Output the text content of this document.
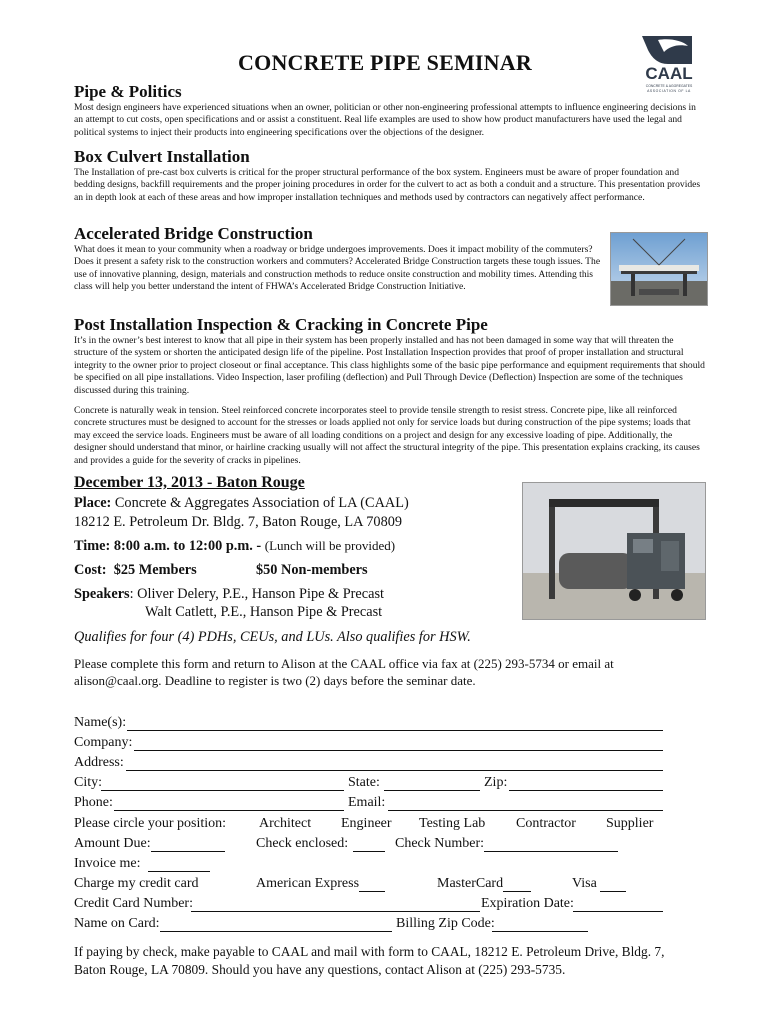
CONCRETE PIPE SEMINAR	CAAL
CONCRETE & AGGREGATES
ASSOCIATION OF LA
Pipe & Politics
Most design engineers have experienced situations when an owner, politician or other non-engineering professional attempts to influence engineering decisions in an attempt to cut costs, open specifications and or assist a constituent. Real life examples are used to show how product manufacturers have used the legal and political systems to inject their products into engineering specifications over the objections of the designer.
Box Culvert Installation
The Installation of pre-cast box culverts is critical for the proper structural performance of the box system. Engineers must be aware of proper foundation and bedding designs, backfill requirements and the proper joining procedures in order for the culvert to act as both a conduit and a structure. This presentation provides an in depth look at each of these areas and how improper installation techniques and methods used by contractors can negatively affect performance.
Accelerated Bridge Construction
What does it mean to your community when a roadway or bridge undergoes improvements. Does it impact mobility of the commuters? Does it present a safety risk to the construction workers and commuters? Accelerated Bridge Construction targets these tough issues. The use of innovative planning, design, materials and construction methods to reduce onsite construction and mobility times. Attending this class will help you better understand the intent of FHWA’s Accelerated Bridge Construction Initiative.
Post Installation Inspection & Cracking in Concrete Pipe
It’s in the owner’s best interest to know that all pipe in their system has been properly installed and has not been damaged in some way that will threaten the structure of the system or shorten the anticipated design life of the pipeline. Post Installation Inspection provides that proof of proper installation and structural integrity to the owner prior to project closeout or final acceptance. This class highlights some of the basic pipe performance and equipment requirements that should be specified on all pipe installations. Video Inspection, laser profiling (deflection) and Pull Through Device (Deflection) Inspection are some of the techniques discussed during this training.
Concrete is naturally weak in tension. Steel reinforced concrete incorporates steel to provide tensile strength to resist stress. Concrete pipe, like all reinforced concrete structures must be designed to account for the stresses or loads applied not only for service loads but during construction of the pipe systems; loads that may exceed the service loads. Engineers must be aware of all loading conditions on a project and design for any excessive loading of pipe. Additionally, the designer should understand that minor, or hairline cracking usually will not affect the structural integrity of the pipe. This presentation explains cracking, its causes and provides a guide for the severity of cracks in pipelines.
December 13, 2013 - Baton Rouge
Place: Concrete & Aggregates Association of LA (CAAL)
18212 E. Petroleum Dr. Bldg. 7, Baton Rouge, LA 70809
Time: 8:00 a.m. to 12:00 p.m. - (Lunch will be provided)
Cost: $25 Members	$50 Non-members
Speakers: Oliver Delery, P.E., Hanson Pipe & Precast
Walt Catlett, P.E., Hanson Pipe & Precast
Qualifies for four (4) PDHs, CEUs, and LUs. Also qualifies for HSW.
Please complete this form and return to Alison at the CAAL office via fax at (225) 293-5734 or email at alison@caal.org. Deadline to register is two (2) days before the seminar date.
Name(s):
Company:
Address:
City:	State:	Zip:
Phone:	Email:
Please circle your position: Architect Engineer Testing Lab Contractor Supplier
Amount Due:	Check enclosed:	Check Number:
Invoice me:
Charge my credit card	American Express	MasterCard	Visa
Credit Card Number:	Expiration Date:
Name on Card:	Billing Zip Code:
If paying by check, make payable to CAAL and mail with form to CAAL, 18212 E. Petroleum Drive, Bldg. 7, Baton Rouge, LA 70809. Should you have any questions, contact Alison at (225) 293-5735.
